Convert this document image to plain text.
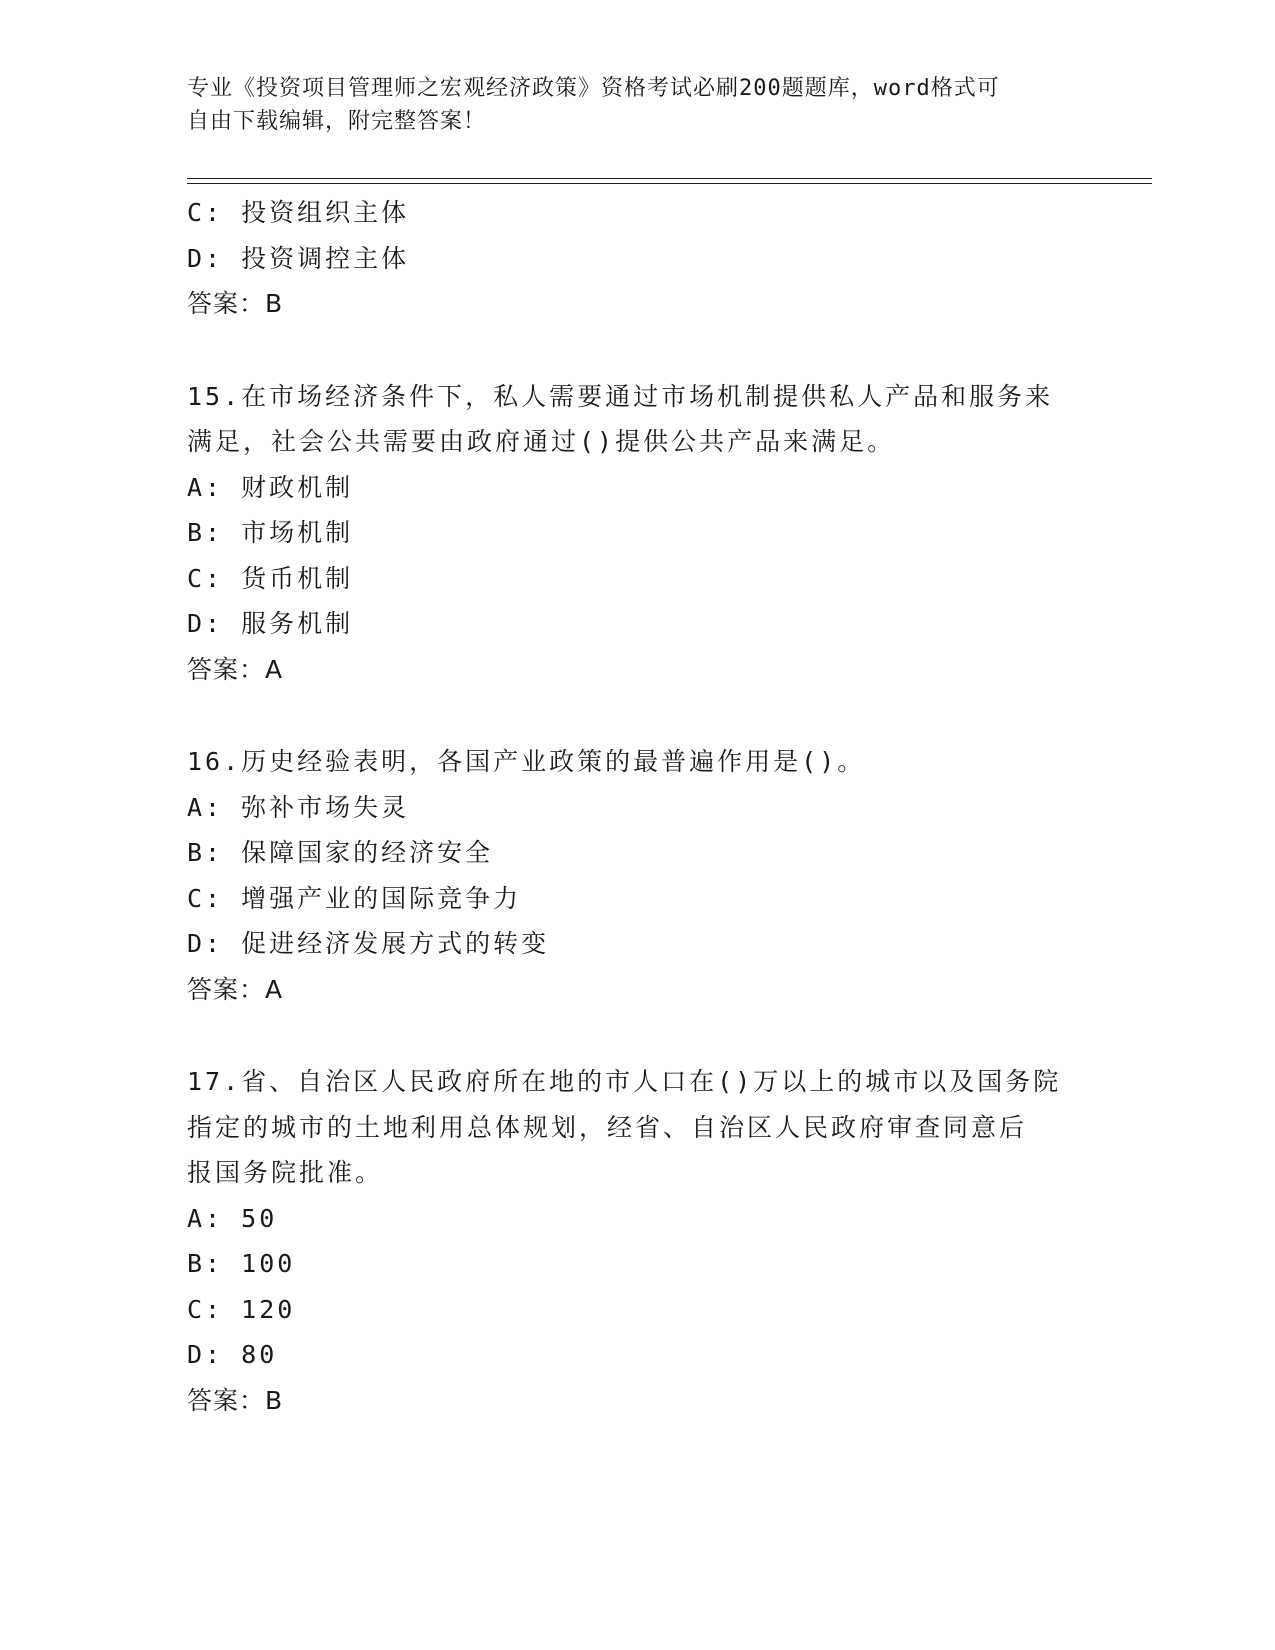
专业《投资项目管理师之宏观经济政策》资格考试必刷200题题库，word格式可
自由下载编辑，附完整答案！
C: 投资组织主体
D: 投资调控主体
答案：B
15.在市场经济条件下，私人需要通过市场机制提供私人产品和服务来
满足，社会公共需要由政府通过()提供公共产品来满足。
A: 财政机制
B: 市场机制
C: 货币机制
D: 服务机制
答案：A
16.历史经验表明，各国产业政策的最普遍作用是()。
A: 弥补市场失灵
B: 保障国家的经济安全
C: 增强产业的国际竞争力
D: 促进经济发展方式的转变
答案：A
17.省、自治区人民政府所在地的市人口在()万以上的城市以及国务院
指定的城市的土地利用总体规划，经省、自治区人民政府审查同意后
报国务院批准。
A: 50
B: 100
C: 120
D: 80
答案：B
